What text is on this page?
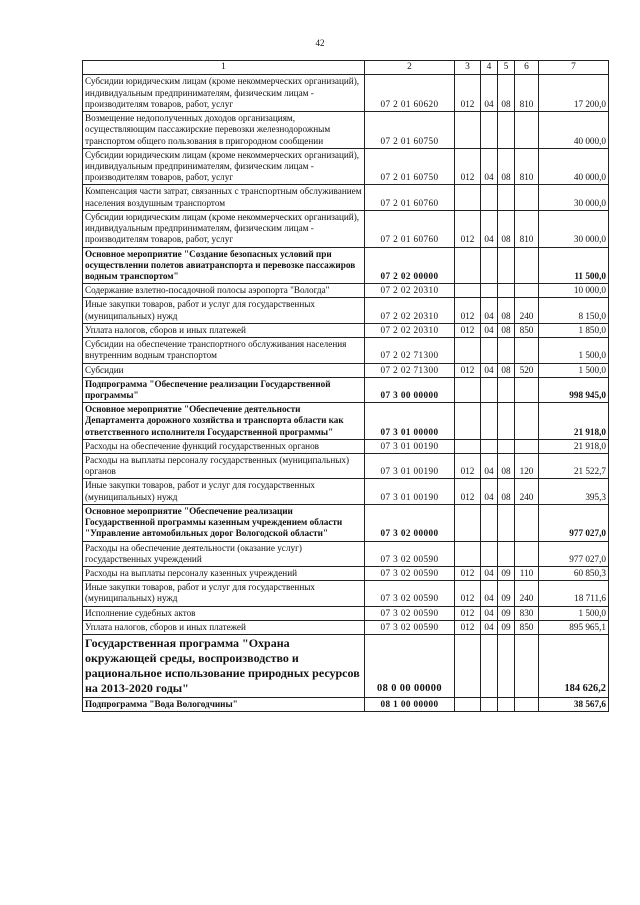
42
1	2	3	4	5	6	7
Субсидии юридическим лицам (кроме некоммерческих организаций), индивидуальным предпринимателям, физическим лицам - производителям товаров, работ, услуг	07 2 01 60620	012	04	08	810	17 200,0
Возмещение недополученных доходов организациям, осуществляющим пассажирские перевозки железнодорожным транспортом общего пользования в пригородном сообщении	07 2 01 60750					40 000,0
Субсидии юридическим лицам (кроме некоммерческих организаций), индивидуальным предпринимателям, физическим лицам - производителям товаров, работ, услуг	07 2 01 60750	012	04	08	810	40 000,0
Компенсация части затрат, связанных с транспортным обслуживанием населения воздушным транспортом	07 2 01 60760					30 000,0
Субсидии юридическим лицам (кроме некоммерческих организаций), индивидуальным предпринимателям, физическим лицам - производителям товаров, работ, услуг	07 2 01 60760	012	04	08	810	30 000,0
Основное мероприятие "Создание безопасных условий при осуществлении полетов авиатранспорта и перевозке пассажиров водным транспортом"	07 2 02 00000					11 500,0
Содержание взлетно-посадочной полосы аэропорта "Вологда"	07 2 02 20310					10 000,0
Иные закупки товаров, работ и услуг для государственных (муниципальных) нужд	07 2 02 20310	012	04	08	240	8 150,0
Уплата налогов, сборов и иных платежей	07 2 02 20310	012	04	08	850	1 850,0
Субсидии на обеспечение транспортного обслуживания населения внутренним водным транспортом	07 2 02 71300					1 500,0
Субсидии	07 2 02 71300	012	04	08	520	1 500,0
Подпрограмма "Обеспечение реализации Государственной программы"	07 3 00 00000					998 945,0
Основное мероприятие "Обеспечение деятельности Департамента дорожного хозяйства и транспорта области как ответственного исполнителя Государственной программы"	07 3 01 00000					21 918,0
Расходы на обеспечение функций государственных органов	07 3 01 00190					21 918,0
Расходы на выплаты персоналу государственных (муниципальных) органов	07 3 01 00190	012	04	08	120	21 522,7
Иные закупки товаров, работ и услуг для государственных (муниципальных) нужд	07 3 01 00190	012	04	08	240	395,3
Основное мероприятие "Обеспечение реализации Государственной программы казенным учреждением области "Управление автомобильных дорог Вологодской области"	07 3 02 00000					977 027,0
Расходы на обеспечение деятельности (оказание услуг) государственных учреждений	07 3 02 00590					977 027,0
Расходы на выплаты персоналу казенных учреждений	07 3 02 00590	012	04	09	110	60 850,3
Иные закупки товаров, работ и услуг для государственных (муниципальных) нужд	07 3 02 00590	012	04	09	240	18 711,6
Исполнение судебных актов	07 3 02 00590	012	04	09	830	1 500,0
Уплата налогов, сборов и иных платежей	07 3 02 00590	012	04	09	850	895 965,1
Государственная программа "Охрана окружающей среды, воспроизводство и рациональное использование природных ресурсов на 2013-2020 годы"	08 0 00 00000					184 626,2
Подпрограмма "Вода Вологодчины"	08 1 00 00000					38 567,6
